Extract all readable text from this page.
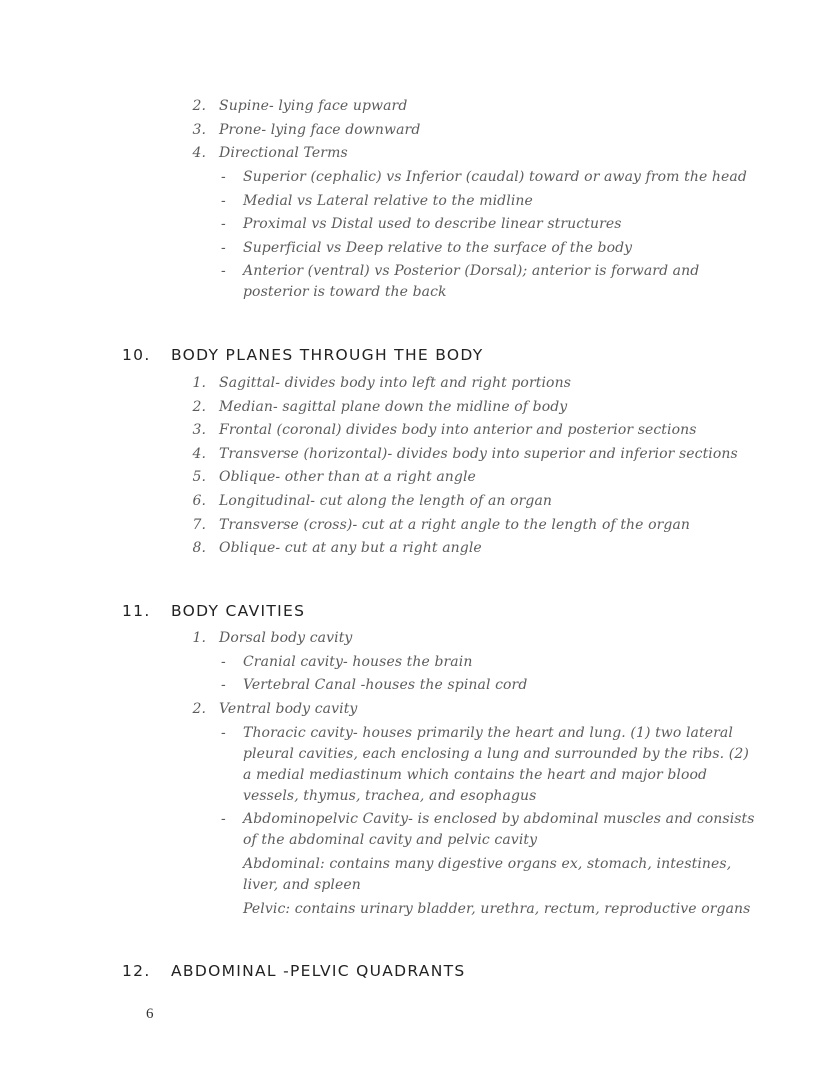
2. Supine- lying face upward
3. Prone- lying face downward
4. Directional Terms
- Superior (cephalic) vs Inferior (caudal) toward or away from the head
- Medial vs Lateral relative to the midline
- Proximal vs Distal used to describe linear structures
- Superficial vs Deep relative to the surface of the body
- Anterior (ventral) vs Posterior (Dorsal); anterior is forward and
posterior is toward the back
10. BODY PLANES THROUGH THE BODY
1. Sagittal- divides body into left and right portions
2. Median- sagittal plane down the midline of body
3. Frontal (coronal) divides body into anterior and posterior sections
4. Transverse (horizontal)- divides body into superior and inferior sections
5. Oblique- other than at a right angle
6. Longitudinal- cut along the length of an organ
7. Transverse (cross)- cut at a right angle to the length of the organ
8. Oblique- cut at any but a right angle
11. BODY CAVITIES
1. Dorsal body cavity
- Cranial cavity- houses the brain
- Vertebral Canal -houses the spinal cord
2. Ventral body cavity
- Thoracic cavity- houses primarily the heart and lung. (1) two lateral
pleural cavities, each enclosing a lung and surrounded by the ribs. (2)
a medial mediastinum which contains the heart and major blood
vessels, thymus, trachea, and esophagus
- Abdominopelvic Cavity- is enclosed by abdominal muscles and consists
of the abdominal cavity and pelvic cavity
Abdominal: contains many digestive organs ex, stomach, intestines,
liver, and spleen
Pelvic: contains urinary bladder, urethra, rectum, reproductive organs
12. ABDOMINAL -PELVIC QUADRANTS
6
